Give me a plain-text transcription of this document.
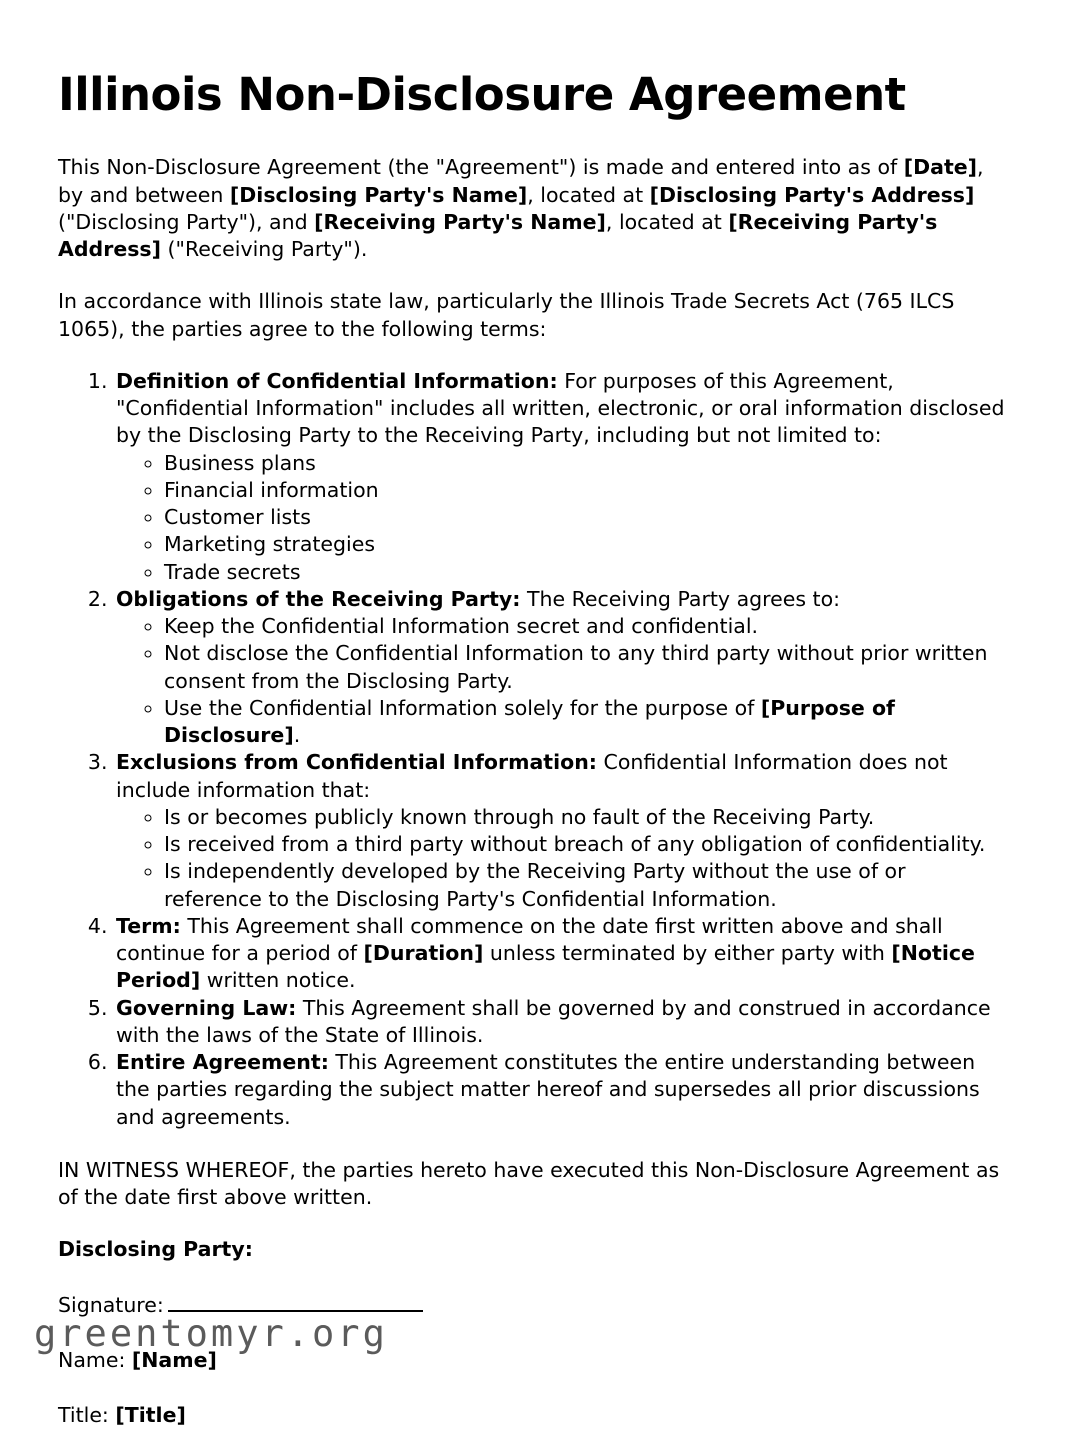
Illinois Non-Disclosure Agreement

This Non-Disclosure Agreement (the "Agreement") is made and entered into as of [Date], by and between [Disclosing Party's Name], located at [Disclosing Party's Address] ("Disclosing Party"), and [Receiving Party's Name], located at [Receiving Party's Address] ("Receiving Party").

In accordance with Illinois state law, particularly the Illinois Trade Secrets Act (765 ILCS 1065), the parties agree to the following terms:

1. Definition of Confidential Information: For purposes of this Agreement, "Confidential Information" includes all written, electronic, or oral information disclosed by the Disclosing Party to the Receiving Party, including but not limited to:
◦ Business plans
◦ Financial information
◦ Customer lists
◦ Marketing strategies
◦ Trade secrets
2. Obligations of the Receiving Party: The Receiving Party agrees to:
◦ Keep the Confidential Information secret and confidential.
◦ Not disclose the Confidential Information to any third party without prior written consent from the Disclosing Party.
◦ Use the Confidential Information solely for the purpose of [Purpose of Disclosure].
3. Exclusions from Confidential Information: Confidential Information does not include information that:
◦ Is or becomes publicly known through no fault of the Receiving Party.
◦ Is received from a third party without breach of any obligation of confidentiality.
◦ Is independently developed by the Receiving Party without the use of or reference to the Disclosing Party's Confidential Information.
4. Term: This Agreement shall commence on the date first written above and shall continue for a period of [Duration] unless terminated by either party with [Notice Period] written notice.
5. Governing Law: This Agreement shall be governed by and construed in accordance with the laws of the State of Illinois.
6. Entire Agreement: This Agreement constitutes the entire understanding between the parties regarding the subject matter hereof and supersedes all prior discussions and agreements.

IN WITNESS WHEREOF, the parties hereto have executed this Non-Disclosure Agreement as of the date first above written.

Disclosing Party:

Signature:

Name: [Name]

Title: [Title]

greentomyr.org
